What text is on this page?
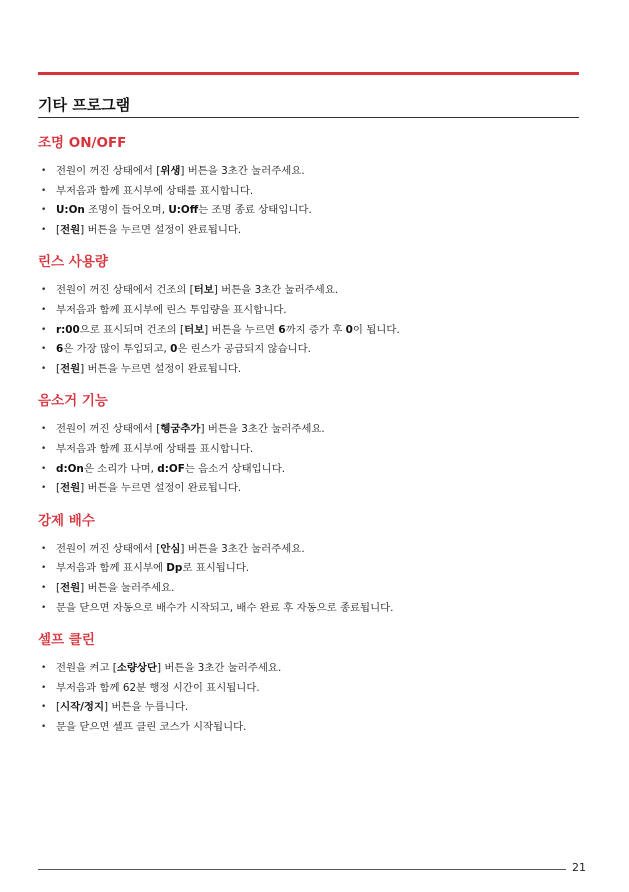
기타 프로그램
조명 ON/OFF
• 전원이 꺼진 상태에서 [위생] 버튼을 3초간 눌러주세요.
• 부저음과 함께 표시부에 상태를 표시합니다.
• U:On 조명이 들어오며, U:Off는 조명 종료 상태입니다.
• [전원] 버튼을 누르면 설정이 완료됩니다.
린스 사용량
• 전원이 꺼진 상태에서 건조의 [터보] 버튼을 3초간 눌러주세요.
• 부저음과 함께 표시부에 린스 투입량을 표시합니다.
• r:00으로 표시되며 건조의 [터보] 버튼을 누르면 6까지 증가 후 0이 됩니다.
• 6은 가장 많이 투입되고, 0은 린스가 공급되지 않습니다.
• [전원] 버튼을 누르면 설정이 완료됩니다.
음소거 기능
• 전원이 꺼진 상태에서 [헹굼추가] 버튼을 3초간 눌러주세요.
• 부저음과 함께 표시부에 상태를 표시합니다.
• d:On은 소리가 나며, d:OF는 음소거 상태입니다.
• [전원] 버튼을 누르면 설정이 완료됩니다.
강제 배수
• 전원이 꺼진 상태에서 [안심] 버튼을 3초간 눌러주세요.
• 부저음과 함께 표시부에 Dp로 표시됩니다.
• [전원] 버튼을 눌러주세요.
• 문을 닫으면 자동으로 배수가 시작되고, 배수 완료 후 자동으로 종료됩니다.
셀프 클린
• 전원을 켜고 [소량상단] 버튼을 3초간 눌러주세요.
• 부저음과 함께 62분 행정 시간이 표시됩니다.
• [시작/정지] 버튼을 누릅니다.
• 문을 닫으면 셀프 클린 코스가 시작됩니다.
21
